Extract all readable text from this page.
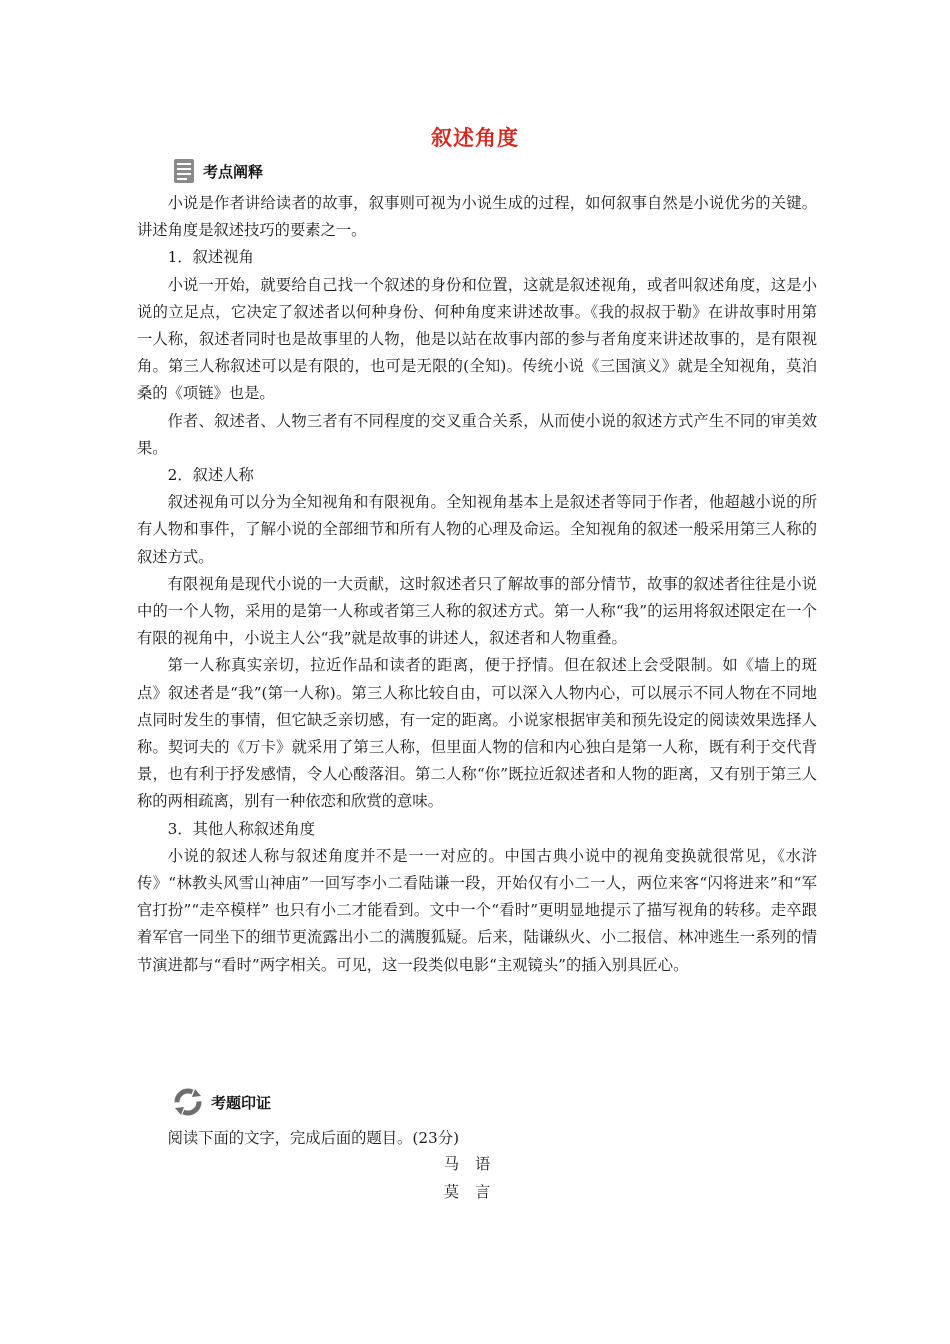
叙述角度
考点阐释

小说是作者讲给读者的故事，叙事则可视为小说生成的过程，如何叙事自然是小说优劣的关键。讲述角度是叙述技巧的要素之一。

1．叙述视角

小说一开始，就要给自己找一个叙述的身份和位置，这就是叙述视角，或者叫叙述角度，这是小说的立足点，它决定了叙述者以何种身份、何种角度来讲述故事。《我的叔叔于勒》在讲故事时用第一人称，叙述者同时也是故事里的人物，他是以站在故事内部的参与者角度来讲述故事的，是有限视角。第三人称叙述可以是有限的，也可是无限的(全知)。传统小说《三国演义》就是全知视角，莫泊桑的《项链》也是。

作者、叙述者、人物三者有不同程度的交叉重合关系，从而使小说的叙述方式产生不同的审美效果。

2．叙述人称

叙述视角可以分为全知视角和有限视角。全知视角基本上是叙述者等同于作者，他超越小说的所有人物和事件，了解小说的全部细节和所有人物的心理及命运。全知视角的叙述一般采用第三人称的叙述方式。

有限视角是现代小说的一大贡献，这时叙述者只了解故事的部分情节，故事的叙述者往往是小说中的一个人物，采用的是第一人称或者第三人称的叙述方式。第一人称“我”的运用将叙述限定在一个有限的视角中，小说主人公“我”就是故事的讲述人，叙述者和人物重叠。

第一人称真实亲切，拉近作品和读者的距离，便于抒情。但在叙述上会受限制。如《墙上的斑点》叙述者是“我”(第一人称)。第三人称比较自由，可以深入人物内心，可以展示不同人物在不同地点同时发生的事情，但它缺乏亲切感，有一定的距离。小说家根据审美和预先设定的阅读效果选择人称。契诃夫的《万卡》就采用了第三人称，但里面人物的信和内心独白是第一人称，既有利于交代背景，也有利于抒发感情，令人心酸落泪。第二人称“你”既拉近叙述者和人物的距离，又有别于第三人称的两相疏离，别有一种依恋和欣赏的意味。

3．其他人称叙述角度

小说的叙述人称与叙述角度并不是一一对应的。中国古典小说中的视角变换就很常见，《水浒传》“林教头风雪山神庙”一回写李小二看陆谦一段，开始仅有小二一人，两位来客“闪将进来”和“军官打扮”“走卒模样” 也只有小二才能看到。文中一个“看时”更明显地提示了描写视角的转移。走卒跟着军官一同坐下的细节更流露出小二的满腹狐疑。后来，陆谦纵火、小二报信、林冲逃生一系列的情节演进都与“看时”两字相关。可见，这一段类似电影“主观镜头”的插入别具匠心。

考题印证

阅读下面的文字，完成后面的题目。(23分)

马语
莫言
